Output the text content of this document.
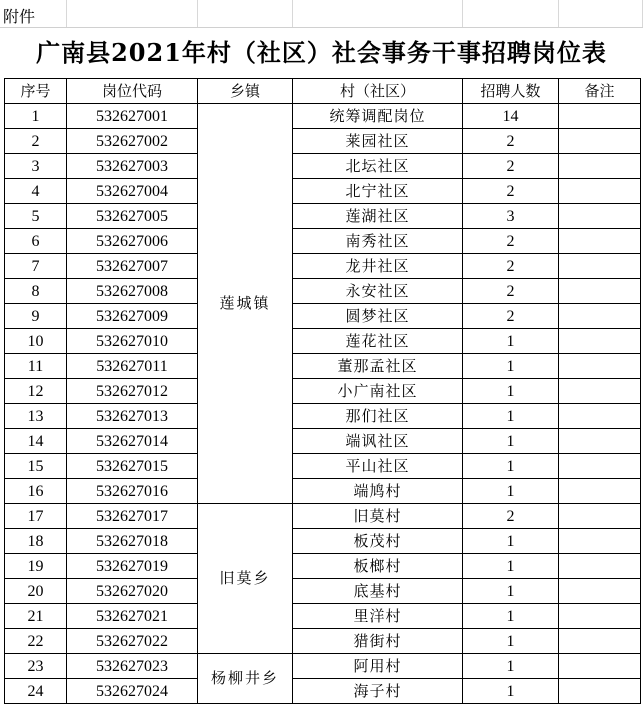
附件
广南县2021年村（社区）社会事务干事招聘岗位表
序号	岗位代码	乡镇	村（社区）	招聘人数	备注
1	532627001	莲城镇	统筹调配岗位	14	
2	532627002		莱园社区	2	
3	532627003		北坛社区	2	
4	532627004		北宁社区	2	
5	532627005		莲湖社区	3	
6	532627006		南秀社区	2	
7	532627007		龙井社区	2	
8	532627008		永安社区	2	
9	532627009		圆梦社区	2	
10	532627010		莲花社区	1	
11	532627011		董那孟社区	1	
12	532627012		小广南社区	1	
13	532627013		那们社区	1	
14	532627014		端讽社区	1	
15	532627015		平山社区	1	
16	532627016		端鸠村	1	
17	532627017	旧莫乡	旧莫村	2	
18	532627018		板茂村	1	
19	532627019		板榔村	1	
20	532627020		底基村	1	
21	532627021		里洋村	1	
22	532627022		猎街村	1	
23	532627023	杨柳井乡	阿用村	1	
24	532627024		海子村	1	
